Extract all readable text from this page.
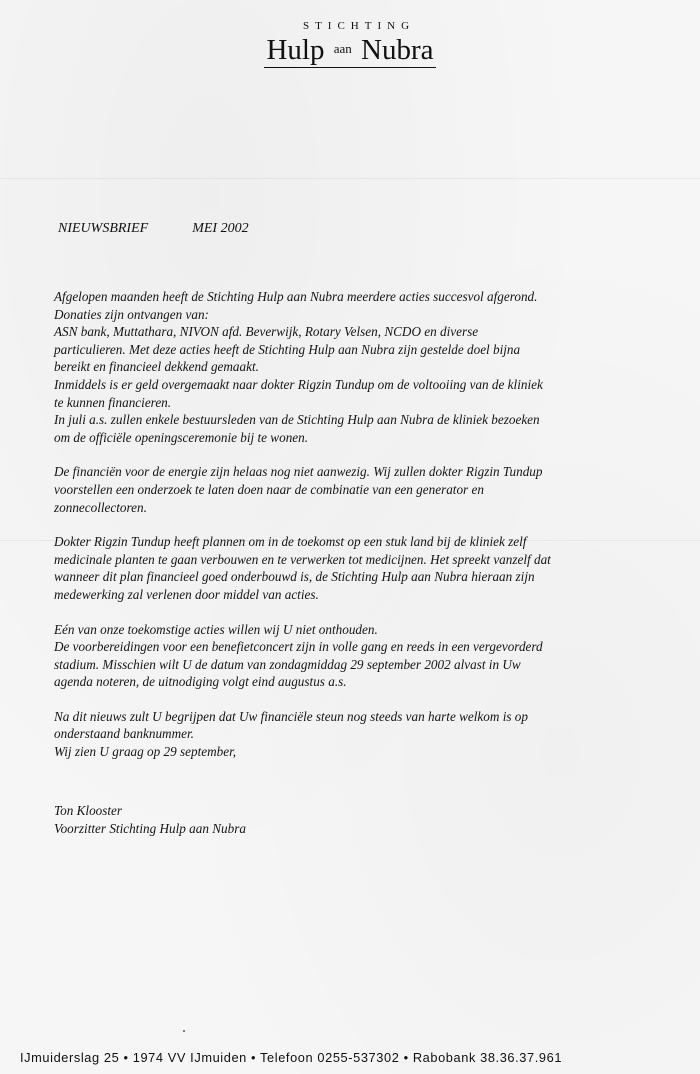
STICHTING
Hulp $^{aan}$ Nubra
NIEUWSBRIEF	MEI 2002
Afgelopen maanden heeft de Stichting Hulp aan Nubra meerdere acties succesvol afgerond.
Donaties zijn ontvangen van:
ASN bank, Muttathara, NIVON afd. Beverwijk, Rotary Velsen, NCDO en diverse
particulieren. Met deze acties heeft de Stichting Hulp aan Nubra zijn gestelde doel bijna
bereikt en financieel dekkend gemaakt.
Inmiddels is er geld overgemaakt naar dokter Rigzin Tundup om de voltooiing van de kliniek
te kunnen financieren.
In juli a.s. zullen enkele bestuursleden van de Stichting Hulp aan Nubra de kliniek bezoeken
om de officiële openingsceremonie bij te wonen.
De financiën voor de energie zijn helaas nog niet aanwezig. Wij zullen dokter Rigzin Tundup
voorstellen een onderzoek te laten doen naar de combinatie van een generator en
zonnecollectoren.
Dokter Rigzin Tundup heeft plannen om in de toekomst op een stuk land bij de kliniek zelf
medicinale planten te gaan verbouwen en te verwerken tot medicijnen. Het spreekt vanzelf dat
wanneer dit plan financieel goed onderbouwd is, de Stichting Hulp aan Nubra hieraan zijn
medewerking zal verlenen door middel van acties.
Eén van onze toekomstige acties willen wij U niet onthouden.
De voorbereidingen voor een benefietconcert zijn in volle gang en reeds in een vergevorderd
stadium. Misschien wilt U de datum van zondagmiddag 29 september 2002 alvast in Uw
agenda noteren, de uitnodiging volgt eind augustus a.s.
Na dit nieuws zult U begrijpen dat Uw financiële steun nog steeds van harte welkom is op
onderstaand banknummer.
Wij zien U graag op 29 september,
Ton Klooster
Voorzitter Stichting Hulp aan Nubra
IJmuiderslag 25 • 1974 VV IJmuiden • Telefoon 0255-537302 • Rabobank 38.36.37.961
